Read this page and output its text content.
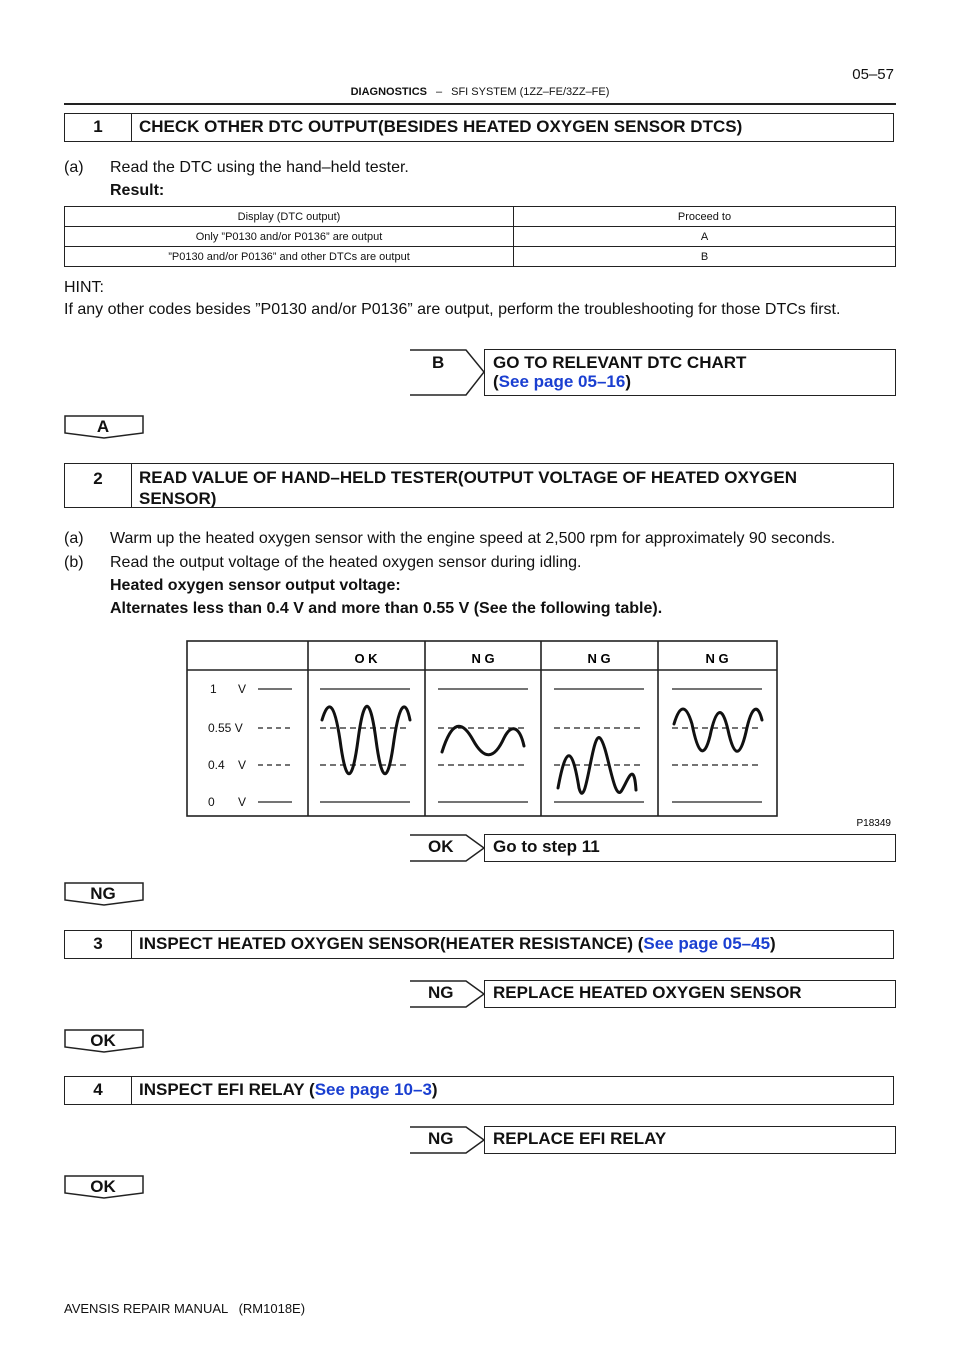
05–57
DIAGNOSTICS – SFI SYSTEM (1ZZ–FE/3ZZ–FE)
1	CHECK OTHER DTC OUTPUT(BESIDES HEATED OXYGEN SENSOR DTCS)
(a) Read the DTC using the hand–held tester.
Result:
Display (DTC output)	Proceed to
Only ”P0130 and/or P0136” are output	A
”P0130 and/or P0136” and other DTCs are output	B
HINT:
If any other codes besides ”P0130 and/or P0136” are output, perform the troubleshooting for those DTCs first.
B	GO TO RELEVANT DTC CHART
(See page 05–16)
A
2	READ VALUE OF HAND–HELD TESTER(OUTPUT VOLTAGE OF HEATED OXYGEN
SENSOR)
(a) Warm up the heated oxygen sensor with the engine speed at 2,500 rpm for approximately 90 seconds.
(b) Read the output voltage of the heated oxygen sensor during idling.
Heated oxygen sensor output voltage:
Alternates less than 0.4 V and more than 0.55 V (See the following table).
O K	N G	N G	N G
1 V
0.55 V
0.4 V
0 V
P18349
OK	Go to step 11
NG
3	INSPECT HEATED OXYGEN SENSOR(HEATER RESISTANCE) (See page 05–45)
NG	REPLACE HEATED OXYGEN SENSOR
OK
4	INSPECT EFI RELAY (See page 10–3)
NG	REPLACE EFI RELAY
OK
AVENSIS REPAIR MANUAL   (RM1018E)
